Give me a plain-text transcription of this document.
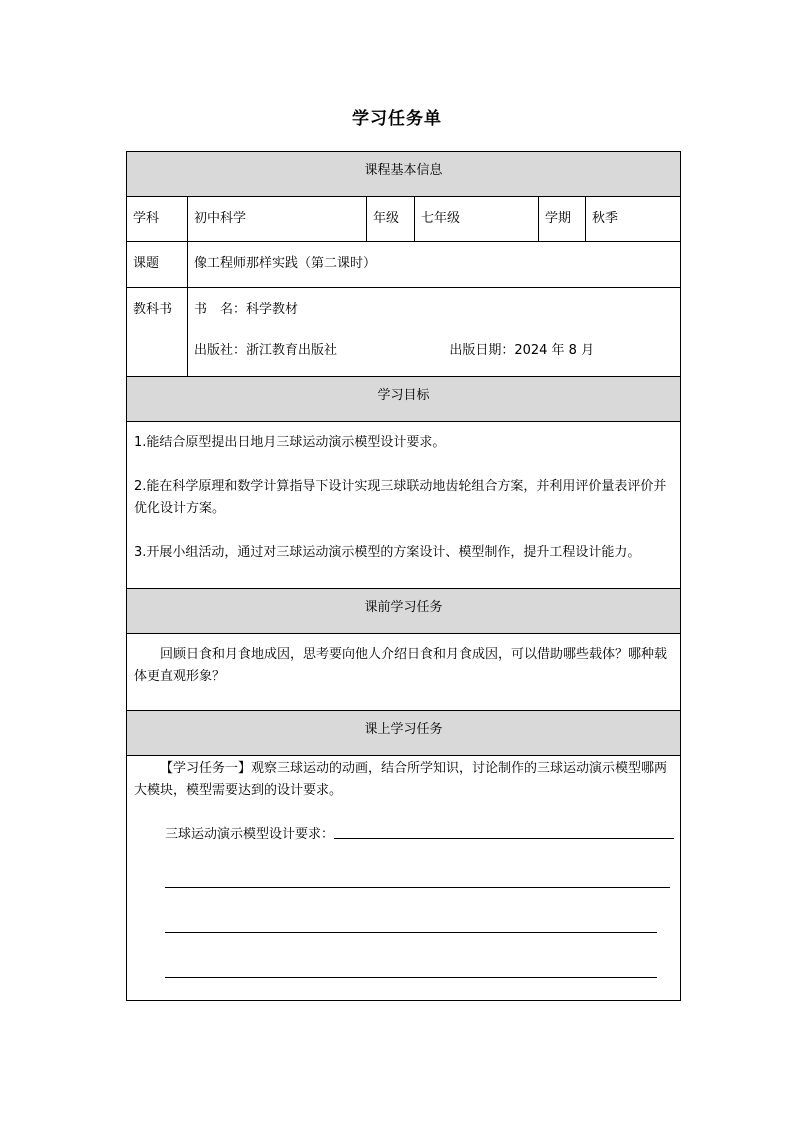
学习任务单
课程基本信息					
学科	初中科学	年级	七年级	学期	秋季
课题	像工程师那样实践（第二课时）				
教科书	书　名：科学教材
出版社：浙江教育出版社 出版日期：2024 年 8 月				

学习目标					

1.能结合原型提出日地月三球运动演示模型设计要求。

2.能在科学原理和数学计算指导下设计实现三球联动地齿轮组合方案，并利用评价量表评价并优化设计方案。

3.开展小组活动，通过对三球运动演示模型的方案设计、模型制作，提升工程设计能力。					

课前学习任务					

回顾日食和月食地成因，思考要向他人介绍日食和月食成因，可以借助哪些载体？哪种载体更直观形象？					

课上学习任务					

【学习任务一】观察三球运动的动画，结合所学知识，讨论制作的三球运动演示模型哪两大模块，模型需要达到的设计要求。

三球运动演示模型设计要求：					
